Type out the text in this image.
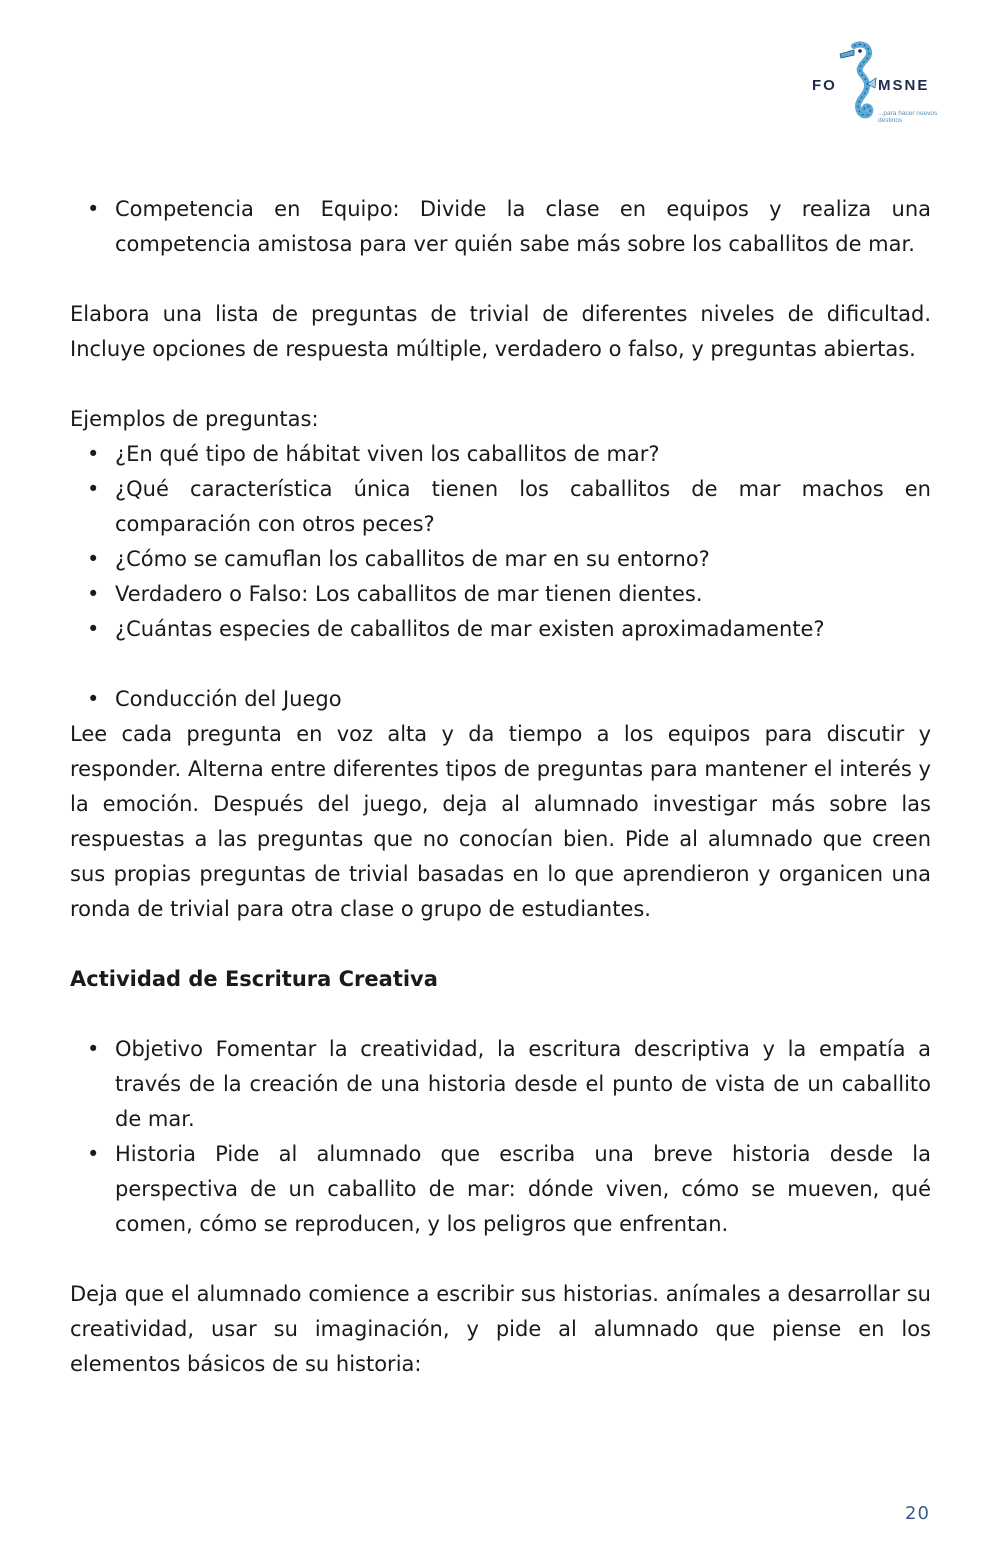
FO	MSNE
...para hacer nuevos destinos
• Competencia en Equipo: Divide la clase en equipos y realiza una competencia amistosa para ver quién sabe más sobre los caballitos de mar.

Elabora una lista de preguntas de trivial de diferentes niveles de dificultad. Incluye opciones de respuesta múltiple, verdadero o falso, y preguntas abiertas.

Ejemplos de preguntas:

• ¿En qué tipo de hábitat viven los caballitos de mar?
• ¿Qué característica única tienen los caballitos de mar machos en comparación con otros peces?
• ¿Cómo se camuflan los caballitos de mar en su entorno?
• Verdadero o Falso: Los caballitos de mar tienen dientes.
• ¿Cuántas especies de caballitos de mar existen aproximadamente?
• Conducción del Juego

Lee cada pregunta en voz alta y da tiempo a los equipos para discutir y responder. Alterna entre diferentes tipos de preguntas para mantener el interés y la emoción. Después del juego, deja al alumnado investigar más sobre las respuestas a las preguntas que no conocían bien. Pide al alumnado que creen sus propias preguntas de trivial basadas en lo que aprendieron y organicen una ronda de trivial para otra clase o grupo de estudiantes.

Actividad de Escritura Creativa

• Objetivo Fomentar la creatividad, la escritura descriptiva y la empatía a través de la creación de una historia desde el punto de vista de un caballito de mar.
• Historia Pide al alumnado que escriba una breve historia desde la perspectiva de un caballito de mar: dónde viven, cómo se mueven, qué comen, cómo se reproducen, y los peligros que enfrentan.

Deja que el alumnado comience a escribir sus historias. anímales a desarrollar su creatividad, usar su imaginación, y pide al alumnado que piense en los elementos básicos de su historia:

20
